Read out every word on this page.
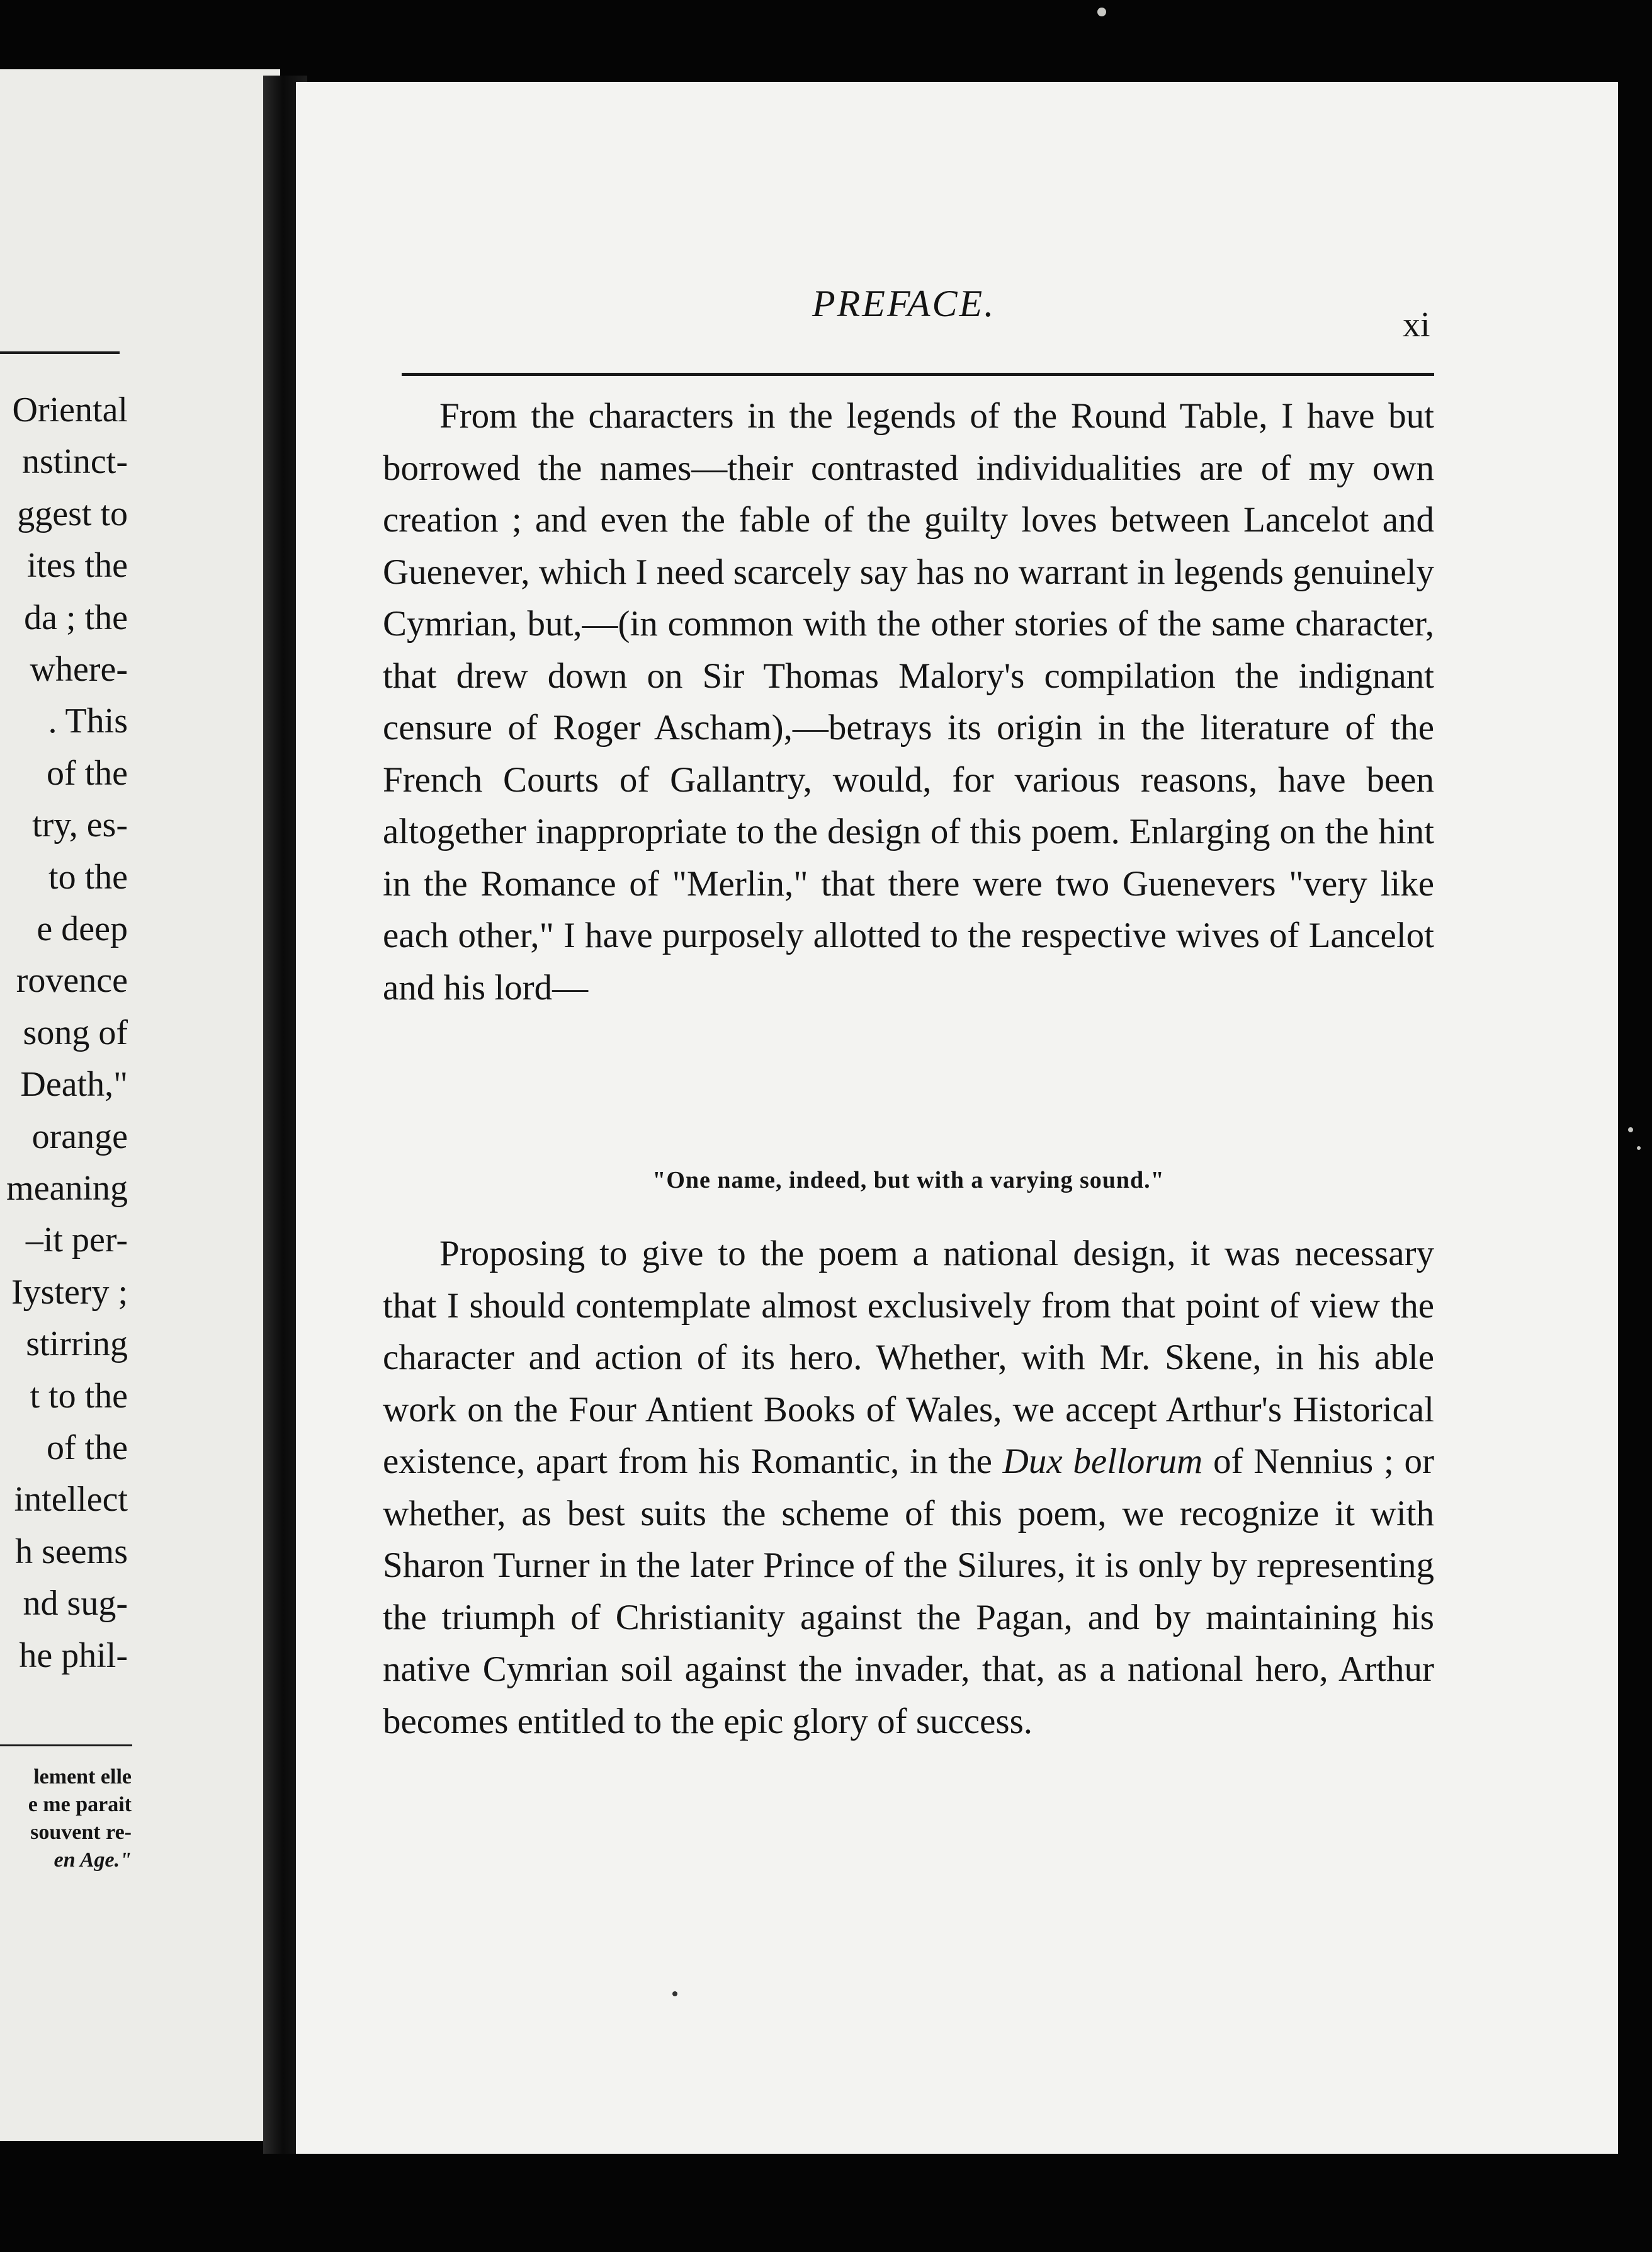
Oriental
nstinct-
ggest to
ites the
da ; the
where-
. This
of the
try, es-
to the
e deep
rovence
song of
Death,"
orange
meaning
–it per-
Iystery ;
stirring
t to the
of the
intellect
h seems
nd sug-
he phil-
lement elle
e me parait
souvent re-
en Age."
PREFACE.
xi

From the characters in the legends of the Round Table, I have but borrowed the names—their contrasted individualities are of my own creation ; and even the fable of the guilty loves between Lancelot and Guenever, which I need scarcely say has no warrant in legends genuinely Cymrian, but,—(in common with the other stories of the same character, that drew down on Sir Thomas Malory's compilation the indignant censure of Roger Ascham),—betrays its origin in the literature of the French Courts of Gallantry, would, for various reasons, have been altogether inappropriate to the design of this poem. Enlarging on the hint in the Romance of "Merlin," that there were two Guenevers "very like each other," I have purposely allotted to the respective wives of Lancelot and his lord—

"One name, indeed, but with a varying sound."

Proposing to give to the poem a national design, it was necessary that I should contemplate almost exclusively from that point of view the character and action of its hero. Whether, with Mr. Skene, in his able work on the Four Antient Books of Wales, we accept Arthur's Historical existence, apart from his Romantic, in the Dux bellorum of Nennius ; or whether, as best suits the scheme of this poem, we recognize it with Sharon Turner in the later Prince of the Silures, it is only by representing the triumph of Christianity against the Pagan, and by maintaining his native Cymrian soil against the invader, that, as a national hero, Arthur becomes entitled to the epic glory of success.
